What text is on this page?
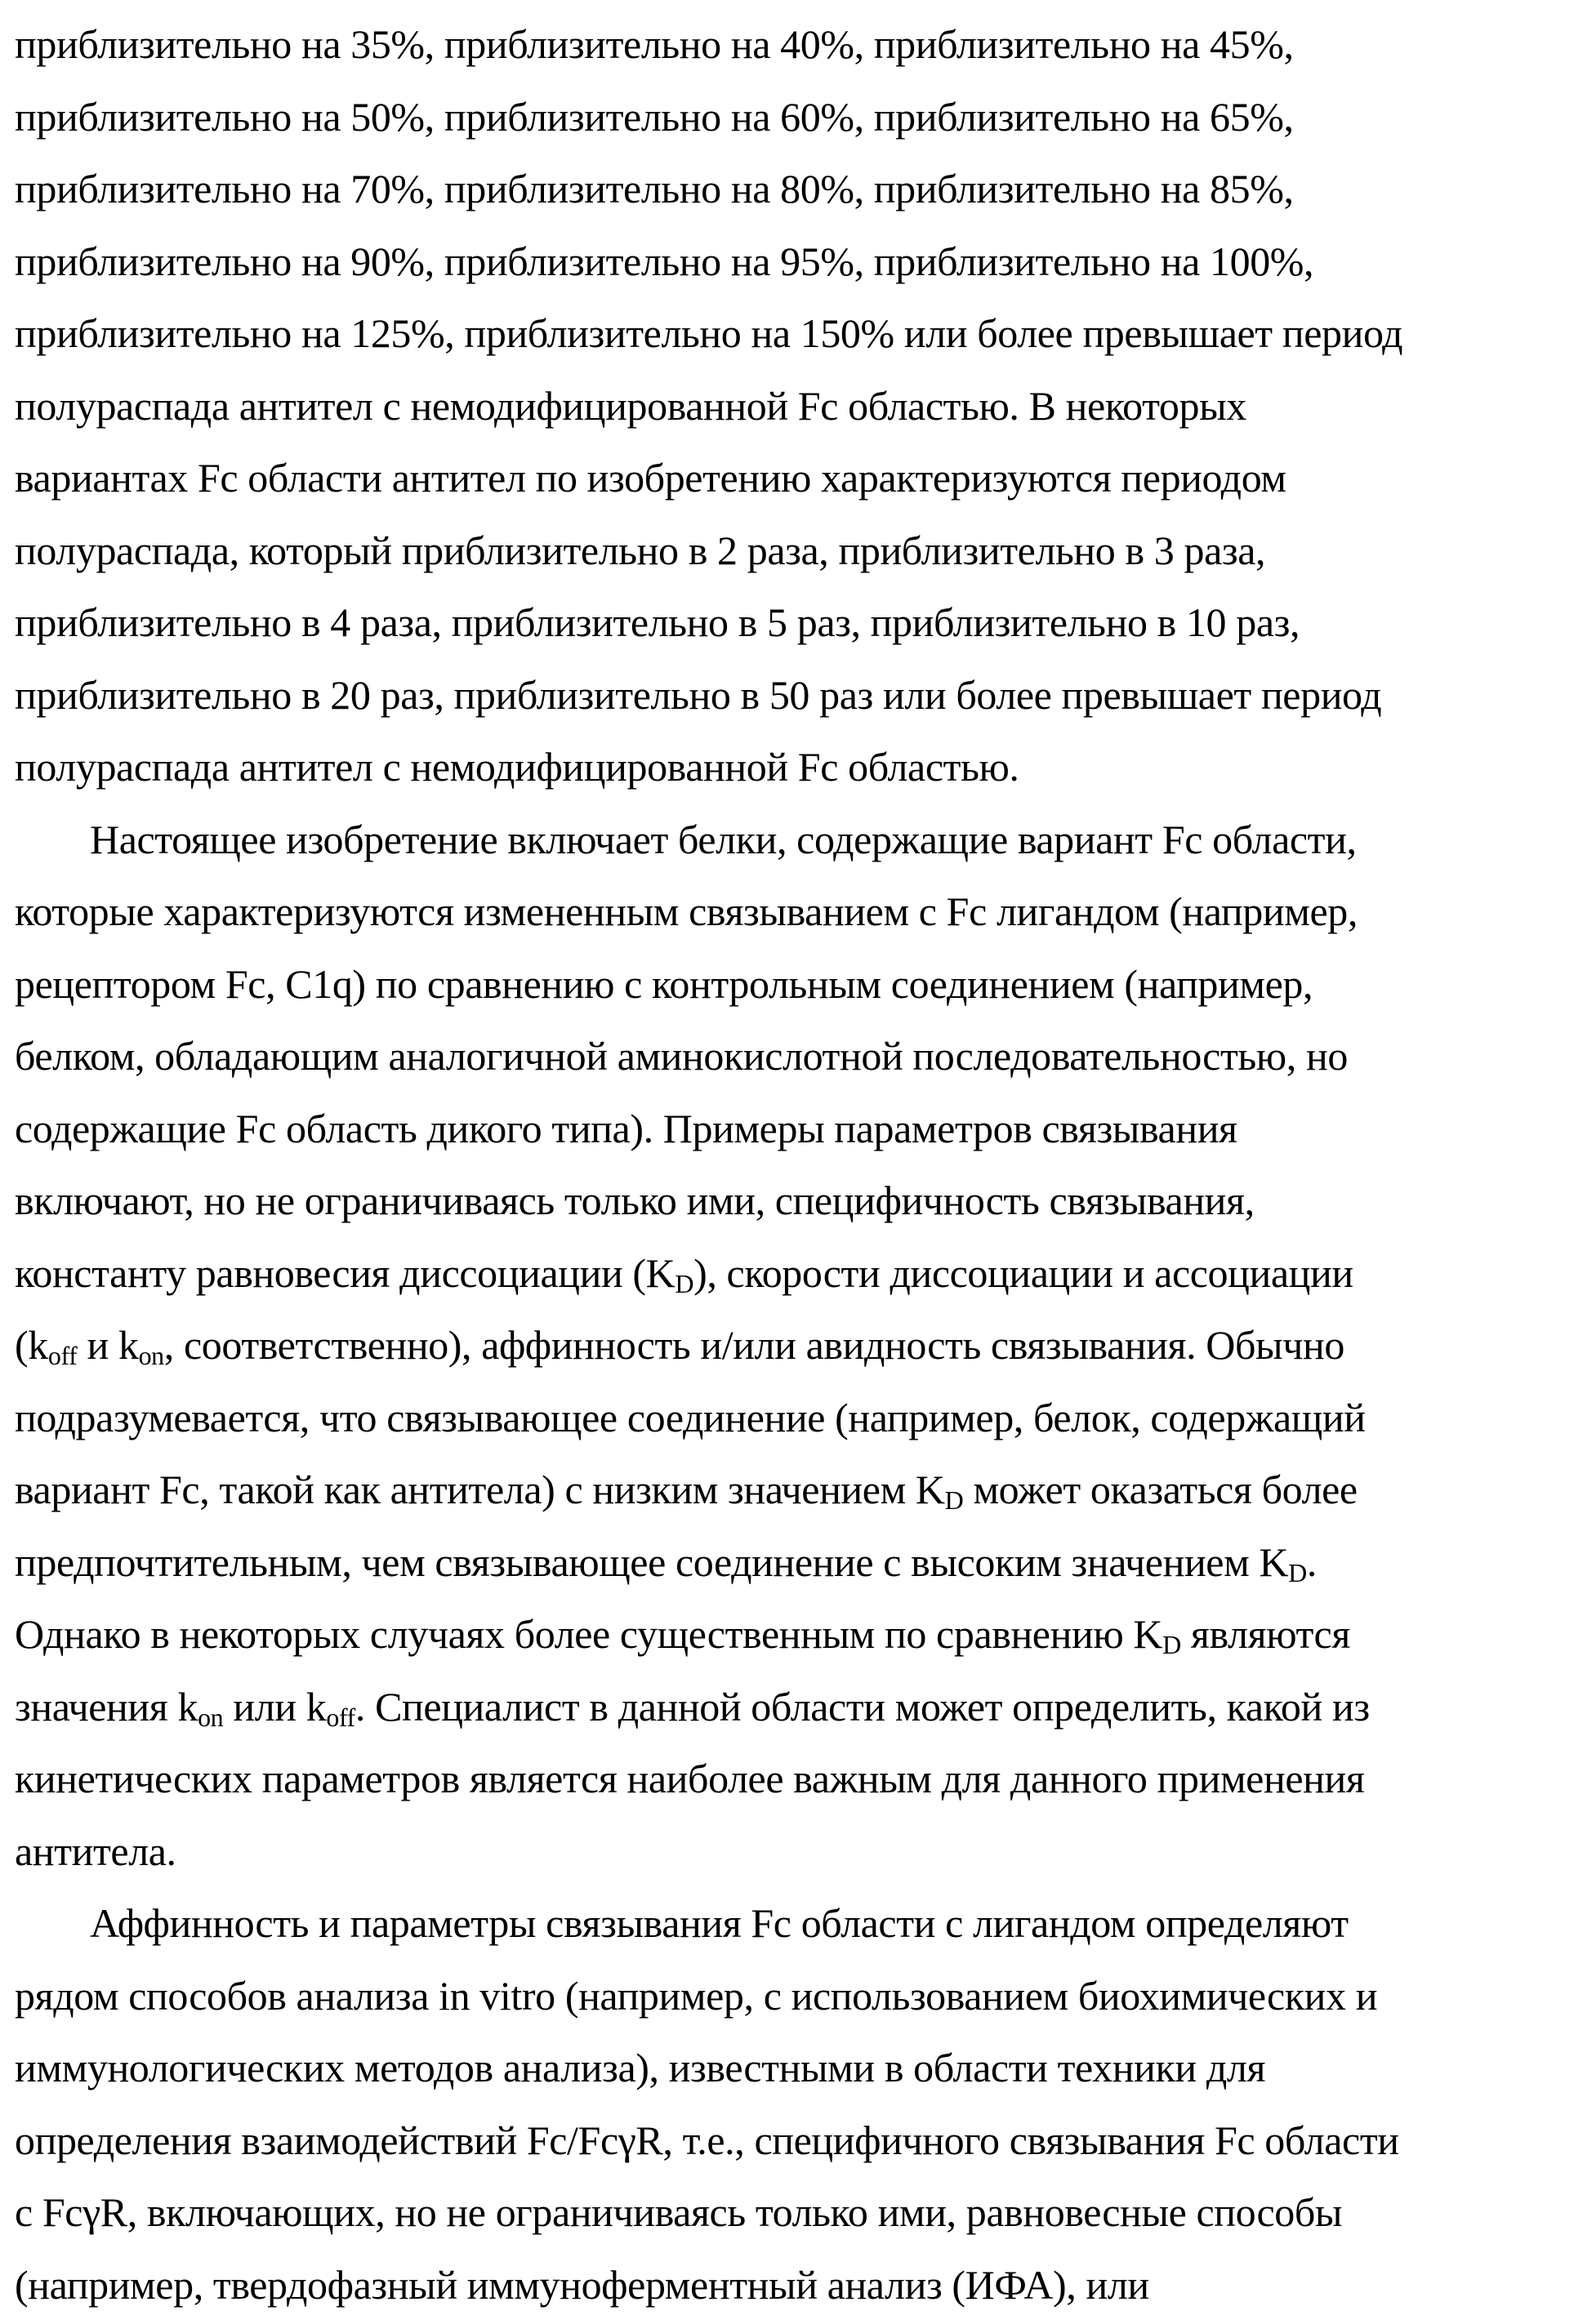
приблизительно на 35%, приблизительно на 40%, приблизительно на 45%,
приблизительно на 50%, приблизительно на 60%, приблизительно на 65%,
приблизительно на 70%, приблизительно на 80%, приблизительно на 85%,
приблизительно на 90%, приблизительно на 95%, приблизительно на 100%,
приблизительно на 125%, приблизительно на 150% или более превышает период
полураспада антител с немодифицированной Fc областью. В некоторых
вариантах Fc области антител по изобретению характеризуются периодом
полураспада, который приблизительно в 2 раза, приблизительно в 3 раза,
приблизительно в 4 раза, приблизительно в 5 раз, приблизительно в 10 раз,
приблизительно в 20 раз, приблизительно в 50 раз или более превышает период
полураспада антител с немодифицированной Fc областью.
Настоящее изобретение включает белки, содержащие вариант Fc области,
которые характеризуются измененным связыванием с Fc лигандом (например,
рецептором Fc, C1q) по сравнению с контрольным соединением (например,
белком, обладающим аналогичной аминокислотной последовательностью, но
содержащие Fc область дикого типа). Примеры параметров связывания
включают, но не ограничиваясь только ими, специфичность связывания,
константу равновесия диссоциации $(K_D)$, скорости диссоциации и ассоциации
($k_{off}$ и $k_{on}$, соответственно), аффинность и/или авидность связывания. Обычно
подразумевается, что связывающее соединение (например, белок, содержащий
вариант Fc, такой как антитела) с низким значением $K_D$ может оказаться более
предпочтительным, чем связывающее соединение с высоким значением $K_D$.
Однако в некоторых случаях более существенным по сравнению $K_D$ являются
значения $k_{on}$ или $k_{off}$. Специалист в данной области может определить, какой из
кинетических параметров является наиболее важным для данного применения
антитела.
Аффинность и параметры связывания Fc области с лигандом определяют
рядом способов анализа in vitro (например, с использованием биохимических и
иммунологических методов анализа), известными в области техники для
определения взаимодействий Fc/FcγR, т.е., специфичного связывания Fc области
с FcγR, включающих, но не ограничиваясь только ими, равновесные способы
(например, твердофазный иммуноферментный анализ (ИФА), или
